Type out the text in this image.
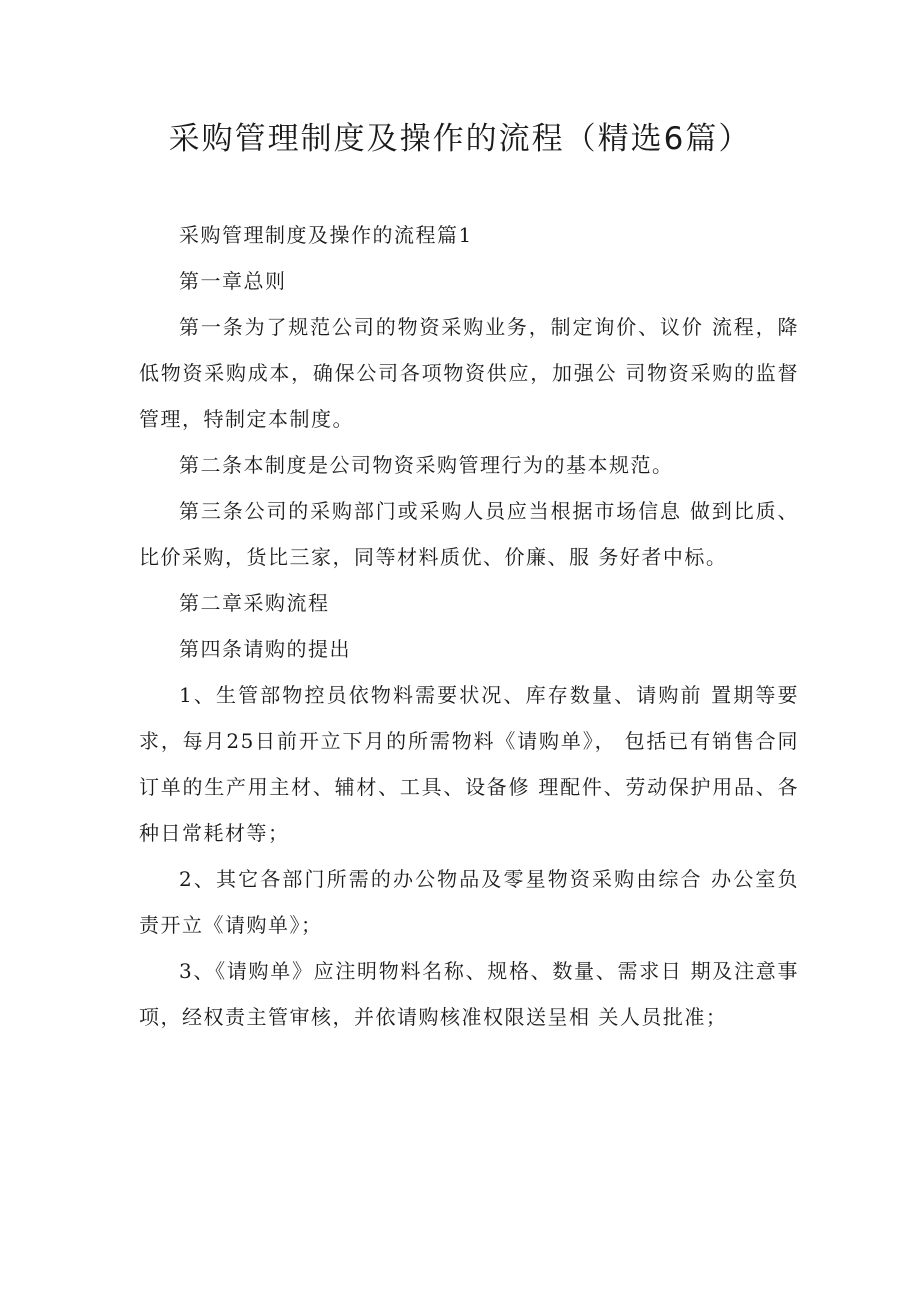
采购管理制度及操作的流程（精选6篇）

采购管理制度及操作的流程篇1

第一章总则

第一条为了规范公司的物资采购业务，制定询价、议价 流程，降低物资采购成本，确保公司各项物资供应，加强公 司物资采购的监督管理，特制定本制度。

第二条本制度是公司物资采购管理行为的基本规范。

第三条公司的采购部门或采购人员应当根据市场信息 做到比质、比价采购，货比三家，同等材料质优、价廉、服 务好者中标。

第二章采购流程

第四条请购的提出

1、生管部物控员依物料需要状况、库存数量、请购前 置期等要求，每月25日前开立下月的所需物料《请购单》， 包括已有销售合同订单的生产用主材、辅材、工具、设备修 理配件、劳动保护用品、各种日常耗材等；

2、其它各部门所需的办公物品及零星物资采购由综合 办公室负责开立《请购单》；

3、《请购单》应注明物料名称、规格、数量、需求日 期及注意事项，经权责主管审核，并依请购核准权限送呈相 关人员批准；
